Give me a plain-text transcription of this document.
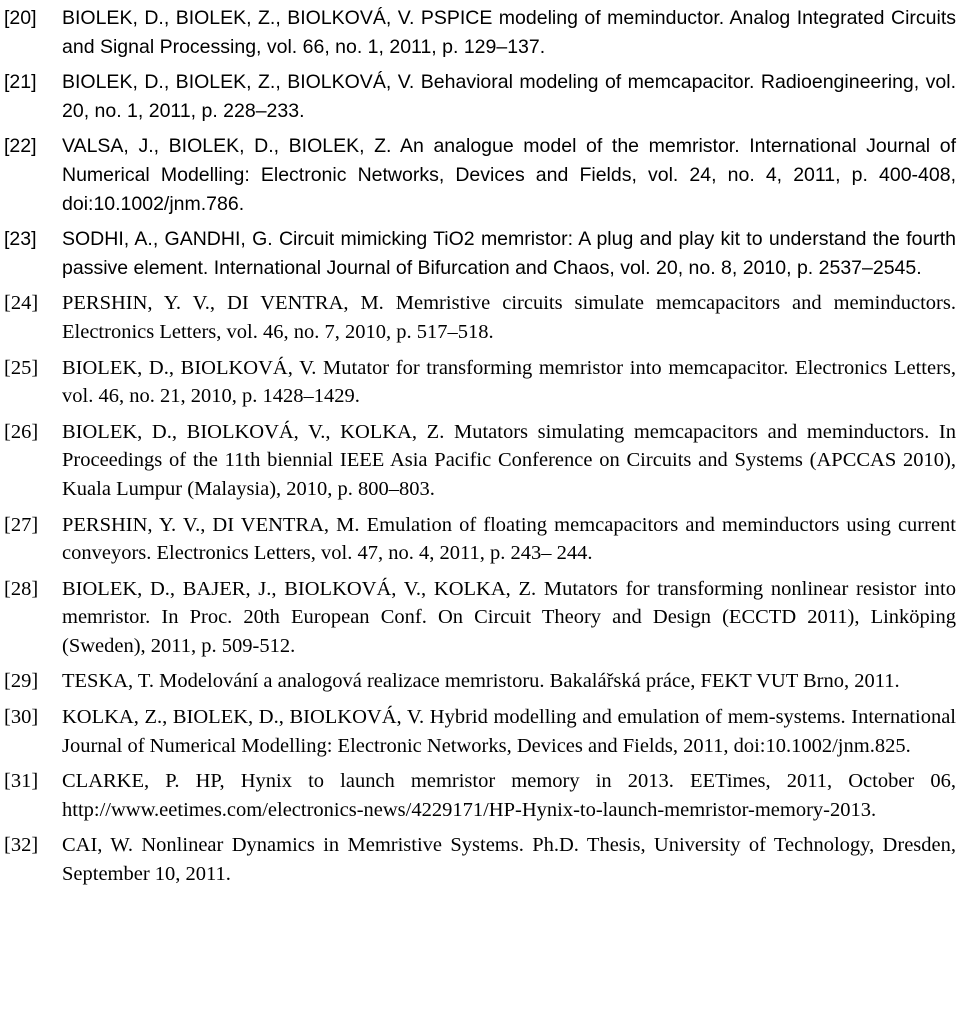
[20]	BIOLEK, D., BIOLEK, Z., BIOLKOVÁ, V. PSPICE modeling of meminductor. Analog Integrated Circuits and Signal Processing, vol. 66, no. 1, 2011, p. 129–137.
[21]	BIOLEK, D., BIOLEK, Z., BIOLKOVÁ, V. Behavioral modeling of memcapacitor. Radioengineering, vol. 20, no. 1, 2011, p. 228–233.
[22]	VALSA, J., BIOLEK, D., BIOLEK, Z. An analogue model of the memristor. International Journal of Numerical Modelling: Electronic Networks, Devices and Fields, vol. 24, no. 4, 2011, p. 400-408, doi:10.1002/jnm.786.
[23]	SODHI, A., GANDHI, G. Circuit mimicking TiO2 memristor: A plug and play kit to understand the fourth passive element. International Journal of Bifurcation and Chaos, vol. 20, no. 8, 2010, p. 2537–2545.
[24]	PERSHIN, Y. V., DI VENTRA, M. Memristive circuits simulate memcapacitors and meminductors. Electronics Letters, vol. 46, no. 7, 2010, p. 517–518.
[25]	BIOLEK, D., BIOLKOVÁ, V. Mutator for transforming memristor into memcapacitor. Electronics Letters, vol. 46, no. 21, 2010, p. 1428–1429.
[26]	BIOLEK, D., BIOLKOVÁ, V., KOLKA, Z. Mutators simulating memcapacitors and meminductors. In Proceedings of the 11th biennial IEEE Asia Pacific Conference on Circuits and Systems (APCCAS 2010), Kuala Lumpur (Malaysia), 2010, p. 800–803.
[27]	PERSHIN, Y. V., DI VENTRA, M. Emulation of floating memcapacitors and meminductors using current conveyors. Electronics Letters, vol. 47, no. 4, 2011, p. 243– 244.
[28]	BIOLEK, D., BAJER, J., BIOLKOVÁ, V., KOLKA, Z. Mutators for transforming nonlinear resistor into memristor. In Proc. 20th European Conf. On Circuit Theory and Design (ECCTD 2011), Linköping (Sweden), 2011, p. 509-512.
[29]	TESKA, T. Modelování a analogová realizace memristoru. Bakalářská práce, FEKT VUT Brno, 2011.
[30]	KOLKA, Z., BIOLEK, D., BIOLKOVÁ, V. Hybrid modelling and emulation of mem-systems. International Journal of Numerical Modelling: Electronic Networks, Devices and Fields, 2011, doi:10.1002/jnm.825.
[31]	CLARKE, P. HP, Hynix to launch memristor memory in 2013. EETimes, 2011, October 06, http://www.eetimes.com/electronics-news/4229171/HP-Hynix-to-launch-memristor-memory-2013.
[32]	CAI, W. Nonlinear Dynamics in Memristive Systems. Ph.D. Thesis, University of Technology, Dresden, September 10, 2011.
